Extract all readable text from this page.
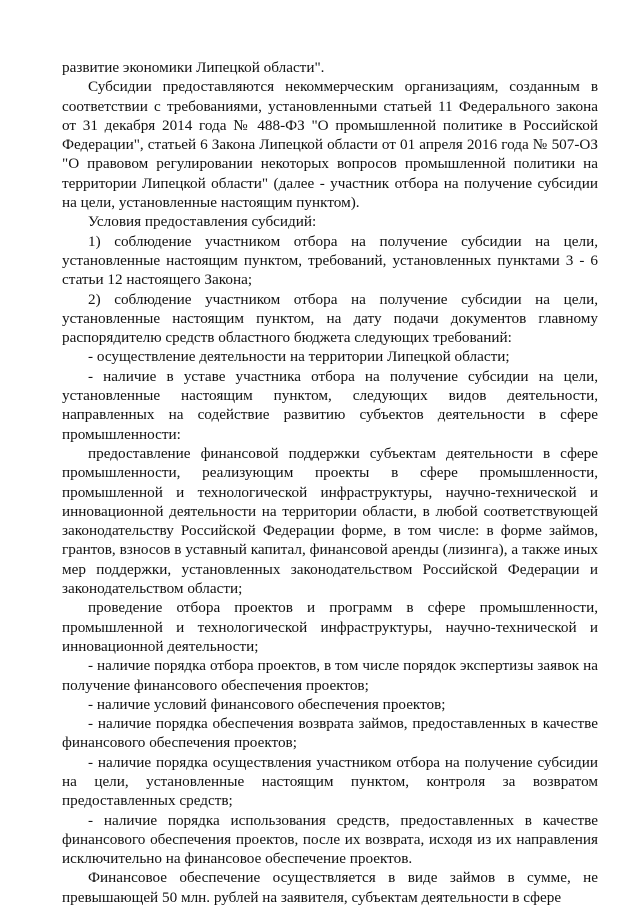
развитие экономики Липецкой области".

Субсидии предоставляются некоммерческим организациям, созданным в соответствии с требованиями, установленными статьей 11 Федерального закона от 31 декабря 2014 года № 488-ФЗ "О промышленной политике в Российской Федерации", статьей 6 Закона Липецкой области от 01 апреля 2016 года № 507-ОЗ "О правовом регулировании некоторых вопросов промышленной политики на территории Липецкой области" (далее - участник отбора на получение субсидии на цели, установленные настоящим пунктом).

Условия предоставления субсидий:

1) соблюдение участником отбора на получение субсидии на цели, установленные настоящим пунктом, требований, установленных пунктами 3 - 6 статьи 12 настоящего Закона;

2) соблюдение участником отбора на получение субсидии на цели, установленные настоящим пунктом, на дату подачи документов главному распорядителю средств областного бюджета следующих требований:

- осуществление деятельности на территории Липецкой области;

- наличие в уставе участника отбора на получение субсидии на цели, установленные настоящим пунктом, следующих видов деятельности, направленных на содействие развитию субъектов деятельности в сфере промышленности:

предоставление финансовой поддержки субъектам деятельности в сфере промышленности, реализующим проекты в сфере промышленности, промышленной и технологической инфраструктуры, научно-технической и инновационной деятельности на территории области, в любой соответствующей законодательству Российской Федерации форме, в том числе: в форме займов, грантов, взносов в уставный капитал, финансовой аренды (лизинга), а также иных мер поддержки, установленных законодательством Российской Федерации и законодательством области;

проведение отбора проектов и программ в сфере промышленности, промышленной и технологической инфраструктуры, научно-технической и инновационной деятельности;

- наличие порядка отбора проектов, в том числе порядок экспертизы заявок на получение финансового обеспечения проектов;

- наличие условий финансового обеспечения проектов;

- наличие порядка обеспечения возврата займов, предоставленных в качестве финансового обеспечения проектов;

- наличие порядка осуществления участником отбора на получение субсидии на цели, установленные настоящим пунктом, контроля за возвратом предоставленных средств;

- наличие порядка использования средств, предоставленных в качестве финансового обеспечения проектов, после их возврата, исходя из их направления исключительно на финансовое обеспечение проектов.

Финансовое обеспечение осуществляется в виде займов в сумме, не превышающей 50 млн. рублей на заявителя, субъектам деятельности в сфере
